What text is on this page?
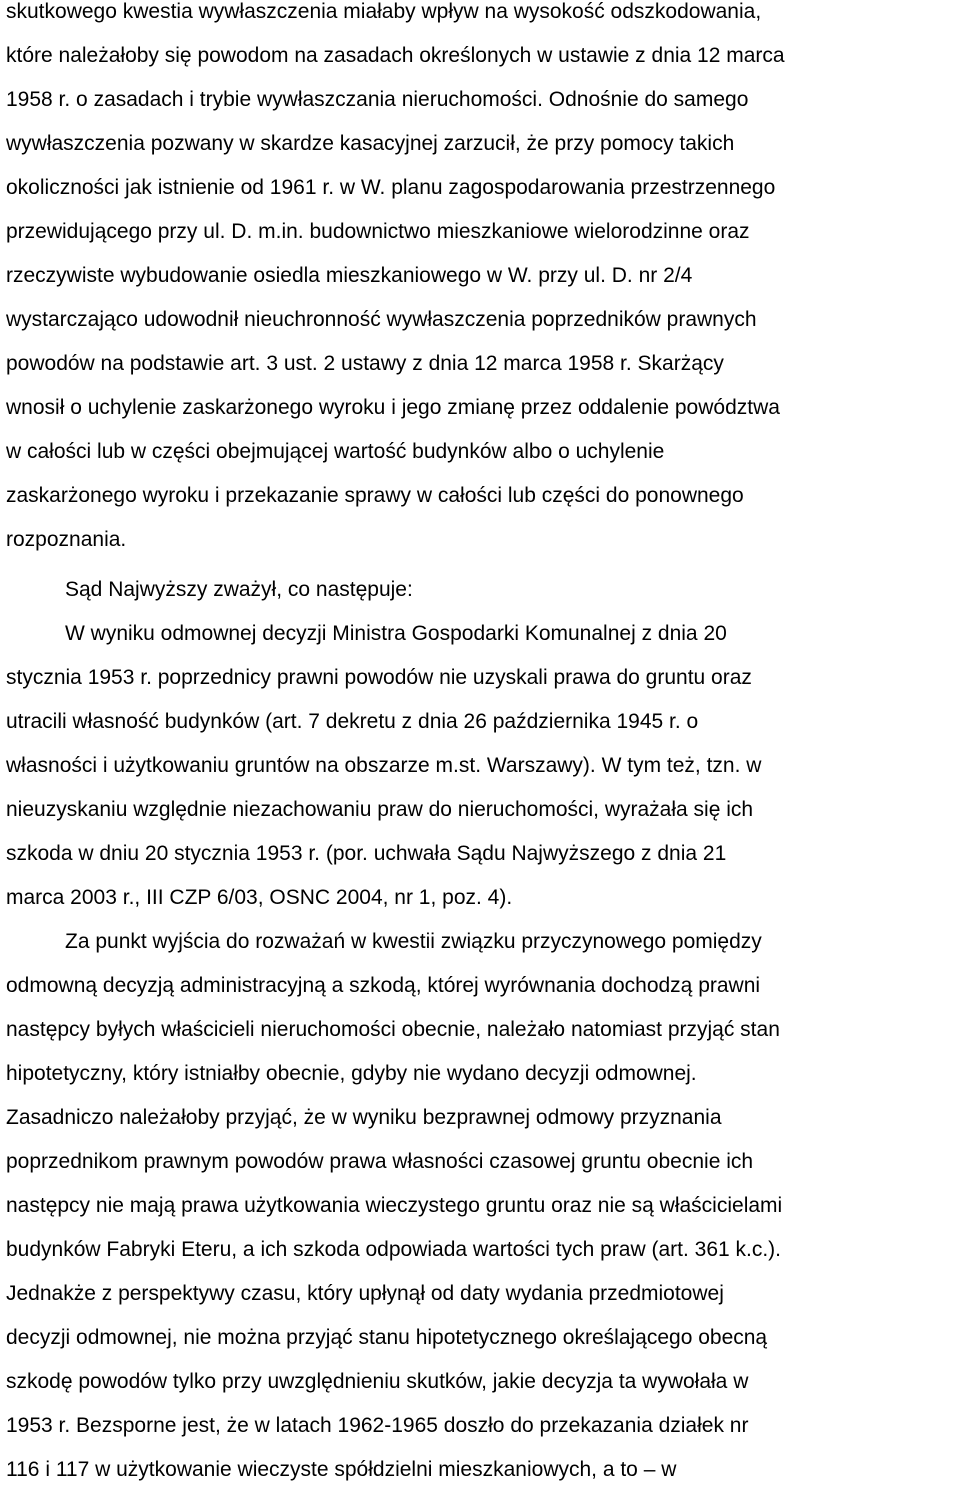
skutkowego kwestia wywłaszczenia miałaby wpływ na wysokość odszkodowania,

które należałoby się powodom na zasadach określonych w ustawie z dnia 12 marca

1958 r. o zasadach i trybie wywłaszczania nieruchomości. Odnośnie do samego

wywłaszczenia pozwany w skardze kasacyjnej zarzucił, że przy pomocy takich

okoliczności jak istnienie od 1961 r. w W. planu zagospodarowania przestrzennego

przewidującego przy ul. D. m.in. budownictwo mieszkaniowe wielorodzinne oraz

rzeczywiste wybudowanie osiedla mieszkaniowego w W. przy ul. D. nr 2/4

wystarczająco udowodnił nieuchronność wywłaszczenia poprzedników prawnych

powodów na podstawie art. 3 ust. 2 ustawy z dnia 12 marca 1958 r. Skarżący

wnosił o uchylenie zaskarżonego wyroku i jego zmianę przez oddalenie powództwa

w całości lub w części obejmującej wartość budynków albo o uchylenie

zaskarżonego wyroku i przekazanie sprawy w całości lub części do ponownego

rozpoznania.

Sąd Najwyższy zważył, co następuje:

W wyniku odmownej decyzji Ministra Gospodarki Komunalnej z dnia 20

stycznia 1953 r. poprzednicy prawni powodów nie uzyskali prawa do gruntu oraz

utracili własność budynków (art. 7 dekretu z dnia 26 października 1945 r. o

własności i użytkowaniu gruntów na obszarze m.st. Warszawy). W tym też, tzn. w

nieuzyskaniu względnie niezachowaniu praw do nieruchomości, wyrażała się ich

szkoda w dniu 20 stycznia 1953 r. (por. uchwała Sądu Najwyższego z dnia 21

marca 2003 r., III CZP 6/03, OSNC 2004, nr 1, poz. 4).

Za punkt wyjścia do rozważań w kwestii związku przyczynowego pomiędzy

odmowną decyzją administracyjną a szkodą, której wyrównania dochodzą prawni

następcy byłych właścicieli nieruchomości obecnie, należało natomiast przyjąć stan

hipotetyczny, który istniałby obecnie, gdyby nie wydano decyzji odmownej.

Zasadniczo należałoby przyjąć, że w wyniku bezprawnej odmowy przyznania

poprzednikom prawnym powodów prawa własności czasowej gruntu obecnie ich

następcy nie mają prawa użytkowania wieczystego gruntu oraz nie są właścicielami

budynków Fabryki Eteru, a ich szkoda odpowiada wartości tych praw (art. 361 k.c.).

Jednakże z perspektywy czasu, który upłynął od daty wydania przedmiotowej

decyzji odmownej, nie można przyjąć stanu hipotetycznego określającego obecną

szkodę powodów tylko przy uwzględnieniu skutków, jakie decyzja ta wywołała w

1953 r. Bezsporne jest, że w latach 1962-1965 doszło do przekazania działek nr

116 i 117 w użytkowanie wieczyste spółdzielni mieszkaniowych, a to – w
